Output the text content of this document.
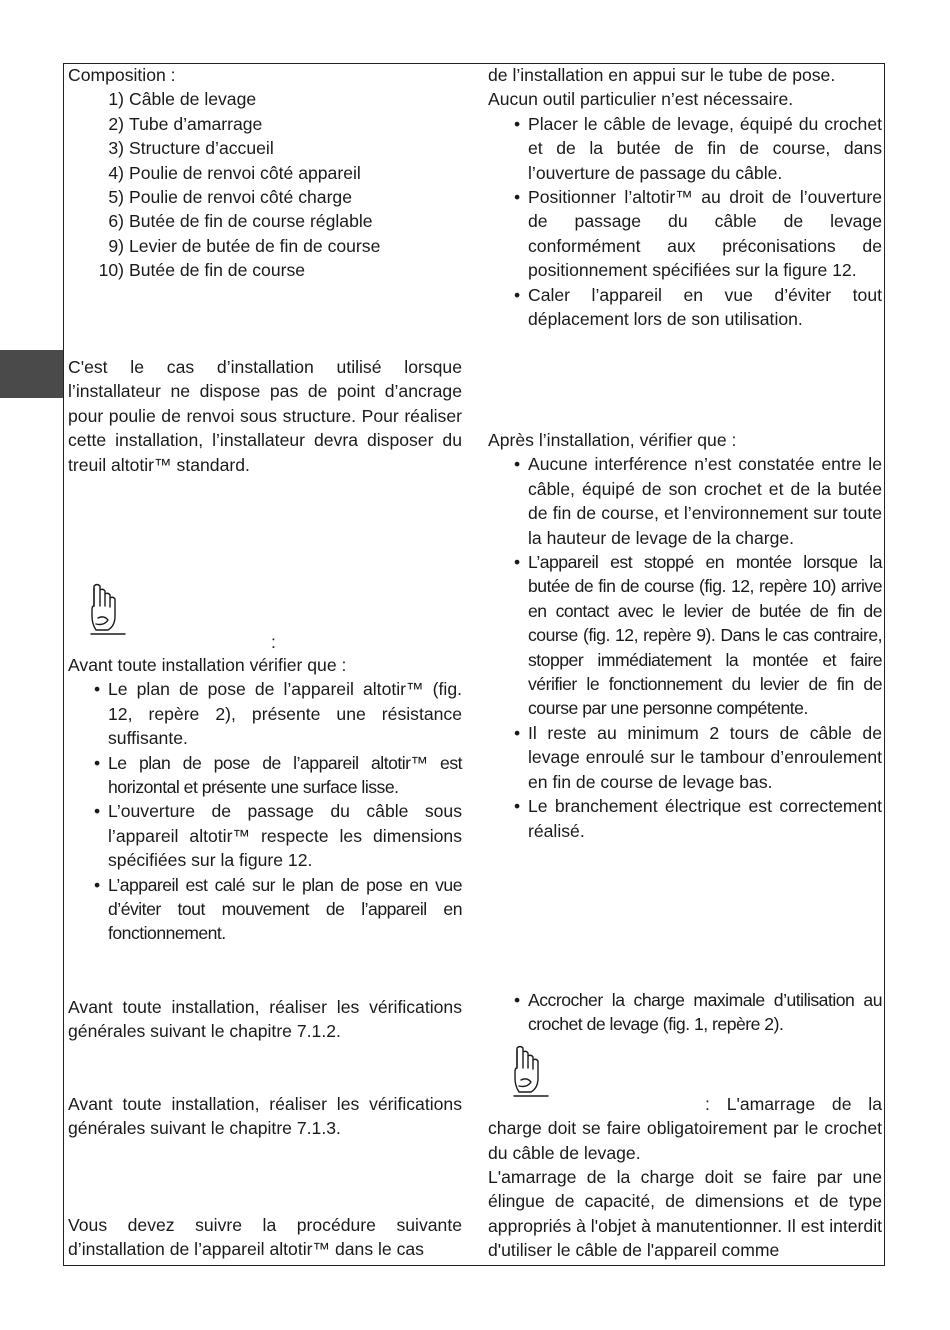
Composition :
1) Câble de levage
2) Tube d’amarrage
3) Structure d’accueil
4) Poulie de renvoi côté appareil
5) Poulie de renvoi côté charge
6) Butée de fin de course réglable
9) Levier de butée de fin de course
10) Butée de fin de course
C'est le cas d’installation utilisé lorsque l’installateur ne dispose pas de point d’ancrage pour poulie de renvoi sous structure. Pour réaliser cette installation, l’installateur devra disposer du treuil altotir™ standard.
:
Avant toute installation vérifier que :
• Le plan de pose de l’appareil altotir™ (fig. 12, repère 2), présente une résistance suffisante.
• Le plan de pose de l’appareil altotir™ est horizontal et présente une surface lisse.
• L’ouverture de passage du câble sous l’appareil altotir™ respecte les dimensions spécifiées sur la figure 12.
• L’appareil est calé sur le plan de pose en vue d’éviter tout mouvement de l’appareil en fonctionnement.
Avant toute installation, réaliser les vérifications générales suivant le chapitre 7.1.2.
Avant toute installation, réaliser les vérifications générales suivant le chapitre 7.1.3.
Vous devez suivre la procédure suivante d’installation de l’appareil altotir™ dans le cas
de l’installation en appui sur le tube de pose. Aucun outil particulier n’est nécessaire.
• Placer le câble de levage, équipé du crochet et de la butée de fin de course, dans l’ouverture de passage du câble.
• Positionner l’altotir™ au droit de l’ouverture de passage du câble de levage conformément aux préconisations de positionnement spécifiées sur la figure 12.
• Caler l’appareil en vue d’éviter tout déplacement lors de son utilisation.
Après l’installation, vérifier que :
• Aucune interférence n’est constatée entre le câble, équipé de son crochet et de la butée de fin de course, et l’environnement sur toute la hauteur de levage de la charge.
• L’appareil est stoppé en montée lorsque la butée de fin de course (fig. 12, repère 10) arrive en contact avec le levier de butée de fin de course (fig. 12, repère 9). Dans le cas contraire, stopper immédiatement la montée et faire vérifier le fonctionnement du levier de fin de course par une personne compétente.
• Il reste au minimum 2 tours de câble de levage enroulé sur le tambour d’enroulement en fin de course de levage bas.
• Le branchement électrique est correctement réalisé.
• Accrocher la charge maximale d’utilisation au crochet de levage (fig. 1, repère 2).
: L'amarrage de la charge doit se faire obligatoirement par le crochet du câble de levage.
L'amarrage de la charge doit se faire par une élingue de capacité, de dimensions et de type appropriés à l'objet à manutentionner. Il est interdit d'utiliser le câble de l'appareil comme
